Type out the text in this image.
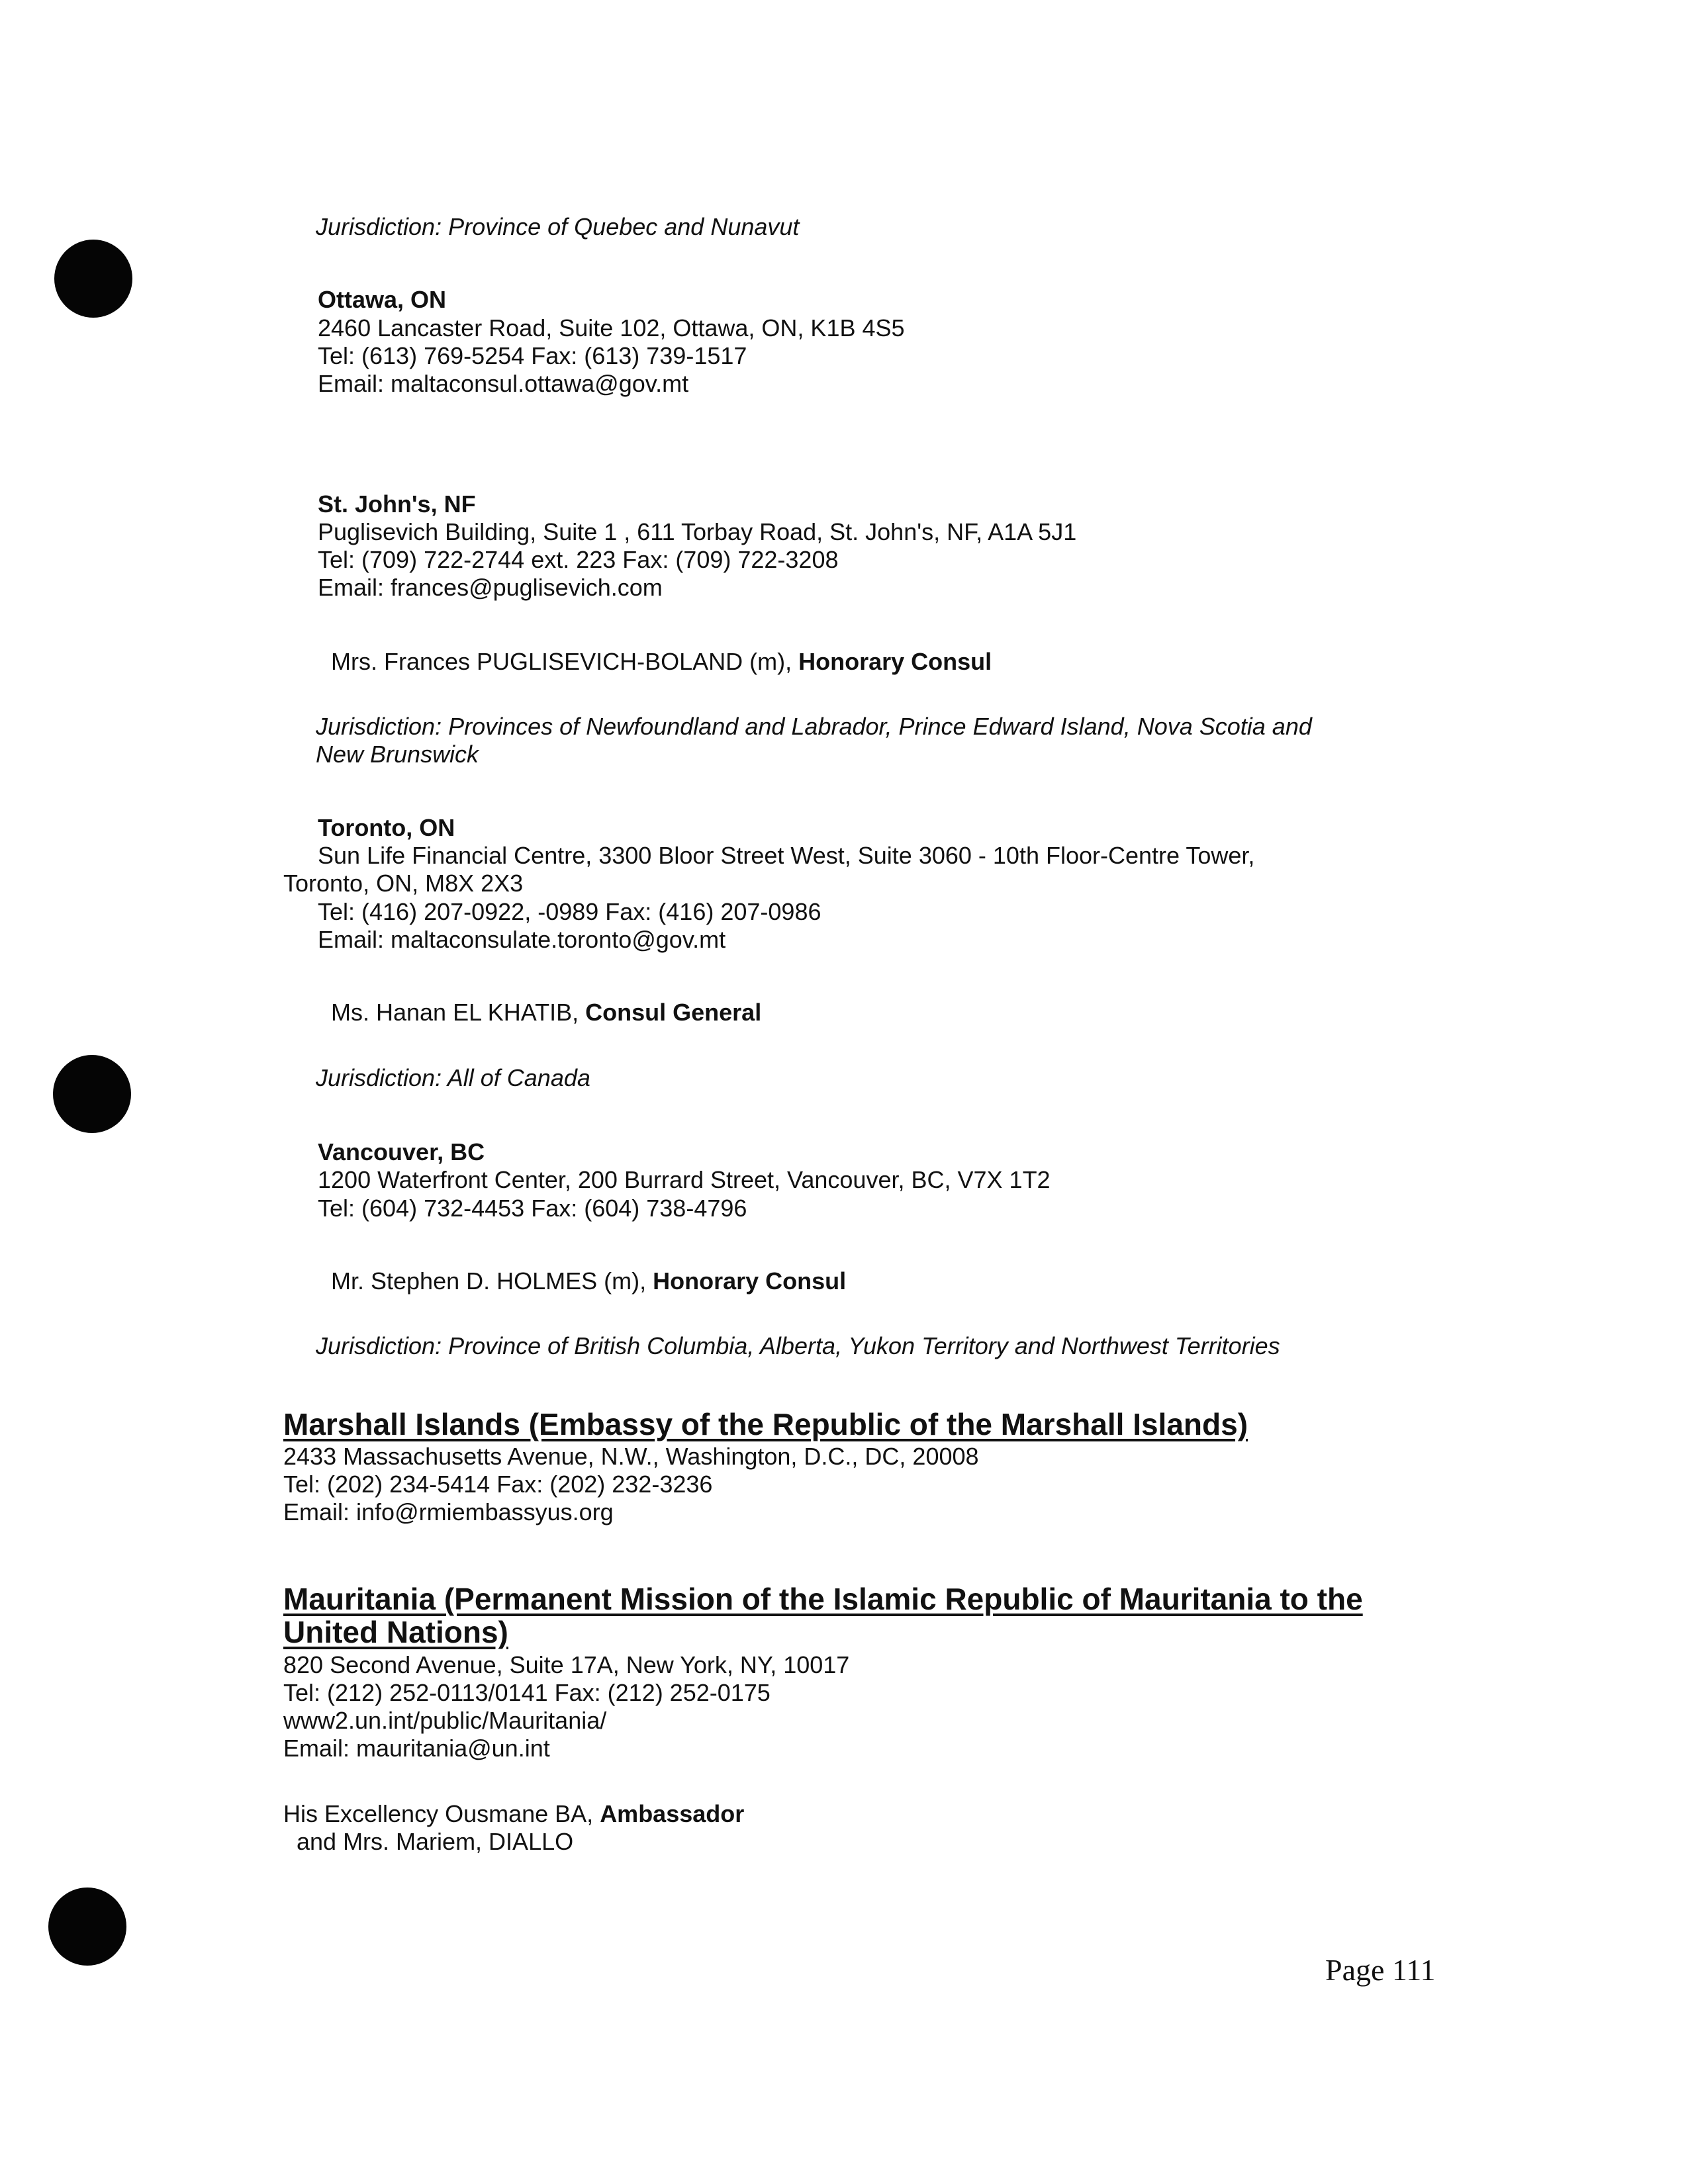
Jurisdiction: Province of Quebec and Nunavut
Ottawa, ON
2460 Lancaster Road, Suite 102, Ottawa, ON, K1B 4S5
Tel: (613) 769-5254 Fax: (613) 739-1517
Email: maltaconsul.ottawa@gov.mt
St. John's, NF
Puglisevich Building, Suite 1 , 611 Torbay Road, St. John's, NF, A1A 5J1
Tel: (709) 722-2744 ext. 223 Fax: (709) 722-3208
Email: frances@puglisevich.com
Mrs. Frances PUGLISEVICH-BOLAND (m), Honorary Consul
Jurisdiction: Provinces of Newfoundland and Labrador, Prince Edward Island, Nova Scotia and
New Brunswick
Toronto, ON
Sun Life Financial Centre, 3300 Bloor Street West, Suite 3060 - 10th Floor-Centre Tower,
Toronto, ON, M8X 2X3
Tel: (416) 207-0922, -0989 Fax: (416) 207-0986
Email: maltaconsulate.toronto@gov.mt
Ms. Hanan EL KHATIB, Consul General
Jurisdiction: All of Canada
Vancouver, BC
1200 Waterfront Center, 200 Burrard Street, Vancouver, BC, V7X 1T2
Tel: (604) 732-4453 Fax: (604) 738-4796
Mr. Stephen D. HOLMES (m), Honorary Consul
Jurisdiction: Province of British Columbia, Alberta, Yukon Territory and Northwest Territories
Marshall Islands (Embassy of the Republic of the Marshall Islands)
2433 Massachusetts Avenue, N.W., Washington, D.C., DC, 20008
Tel: (202) 234-5414 Fax: (202) 232-3236
Email: info@rmiembassyus.org
Mauritania (Permanent Mission of the Islamic Republic of Mauritania to the
United Nations)
820 Second Avenue, Suite 17A, New York, NY, 10017
Tel: (212) 252-0113/0141 Fax: (212) 252-0175
www2.un.int/public/Mauritania/
Email: mauritania@un.int
His Excellency Ousmane BA, Ambassador
and Mrs. Mariem, DIALLO
Page 111
